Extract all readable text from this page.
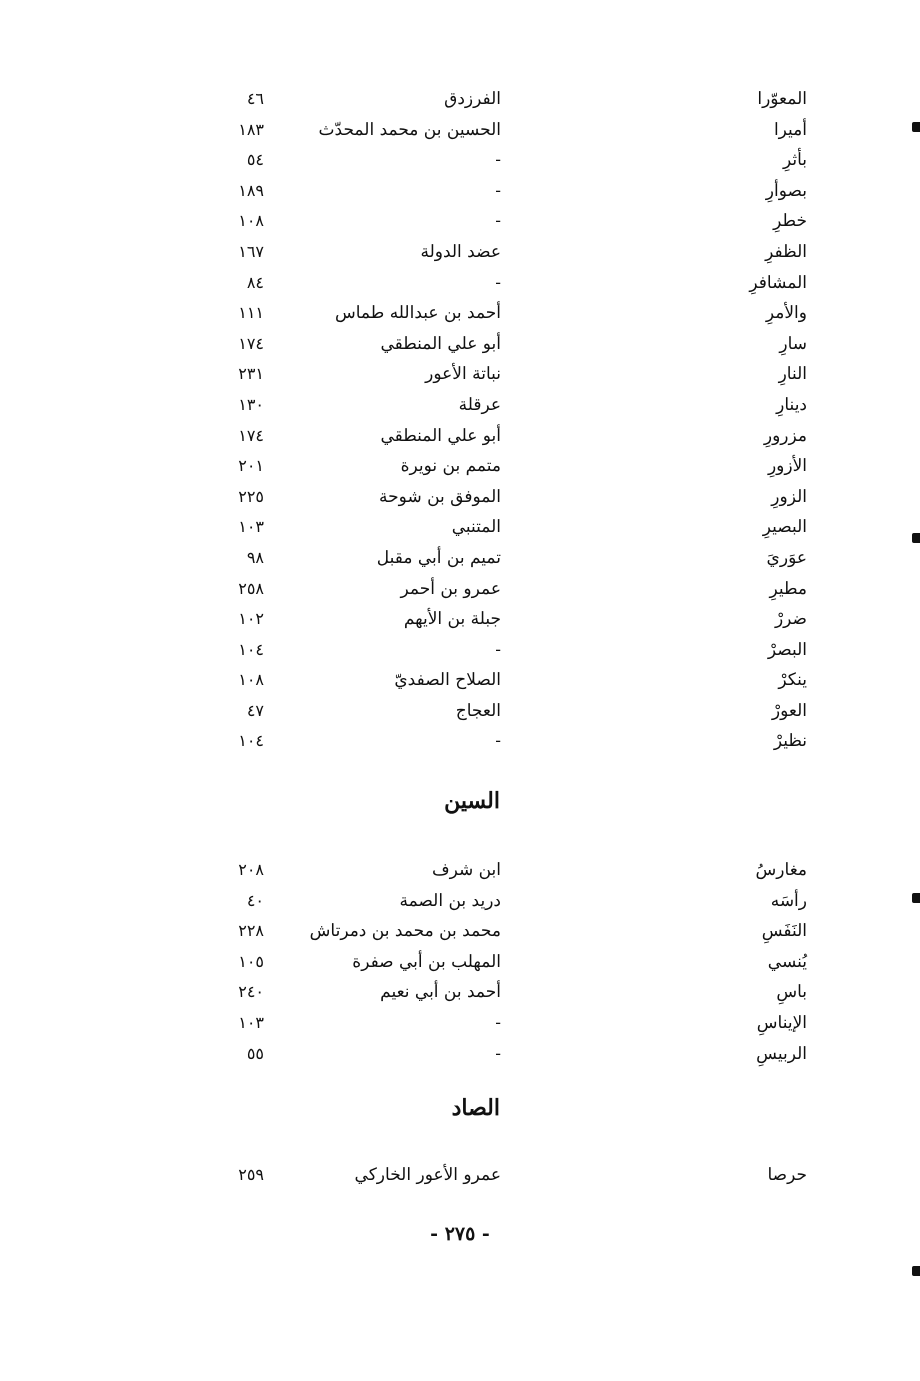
المعوّرا
الفرزدق
٤٦
أميرا
الحسين بن محمد المحدّث
١٨٣
بأثرِ
-
٥٤
بصوأرِ
-
١٨٩
خطرِ
-
١٠٨
الظفرِ
عضد الدولة
١٦٧
المشافرِ
-
٨٤
والأمرِ
أحمد بن عبدالله طماس
١١١
سارِ
أبو علي المنطقي
١٧٤
النارِ
نباتة الأعور
٢٣١
دينارِ
عرقلة
١٣٠
مزرورِ
أبو علي المنطقي
١٧٤
الأزورِ
متمم بن نويرة
٢٠١
الزورِ
الموفق بن شوحة
٢٢٥
البصيرِ
المتنبي
١٠٣
عوَريَ
تميم بن أبي مقبل
٩٨
مطيرِ
عمرو بن أحمر
٢٥٨
ضررْ
جبلة بن الأيهم
١٠٢
البصرْ
-
١٠٤
ينكرْ
الصلاح الصفديّ
١٠٨
العورْ
العجاج
٤٧
نظيرْ
-
١٠٤
السين
مغارسُ
ابن شرف
٢٠٨
رأسَه
دريد بن الصمة
٤٠
النَفَسِ
محمد بن محمد بن دمرتاش
٢٢٨
يُنسي
المهلب بن أبي صفرة
١٠٥
باسِ
أحمد بن أبي نعيم
٢٤٠
الإيناسِ
-
١٠٣
الربيسِ
-
٥٥
الصاد
حرصا
عمرو الأعور الخاركي
٢٥٩
- ٢٧٥ -
